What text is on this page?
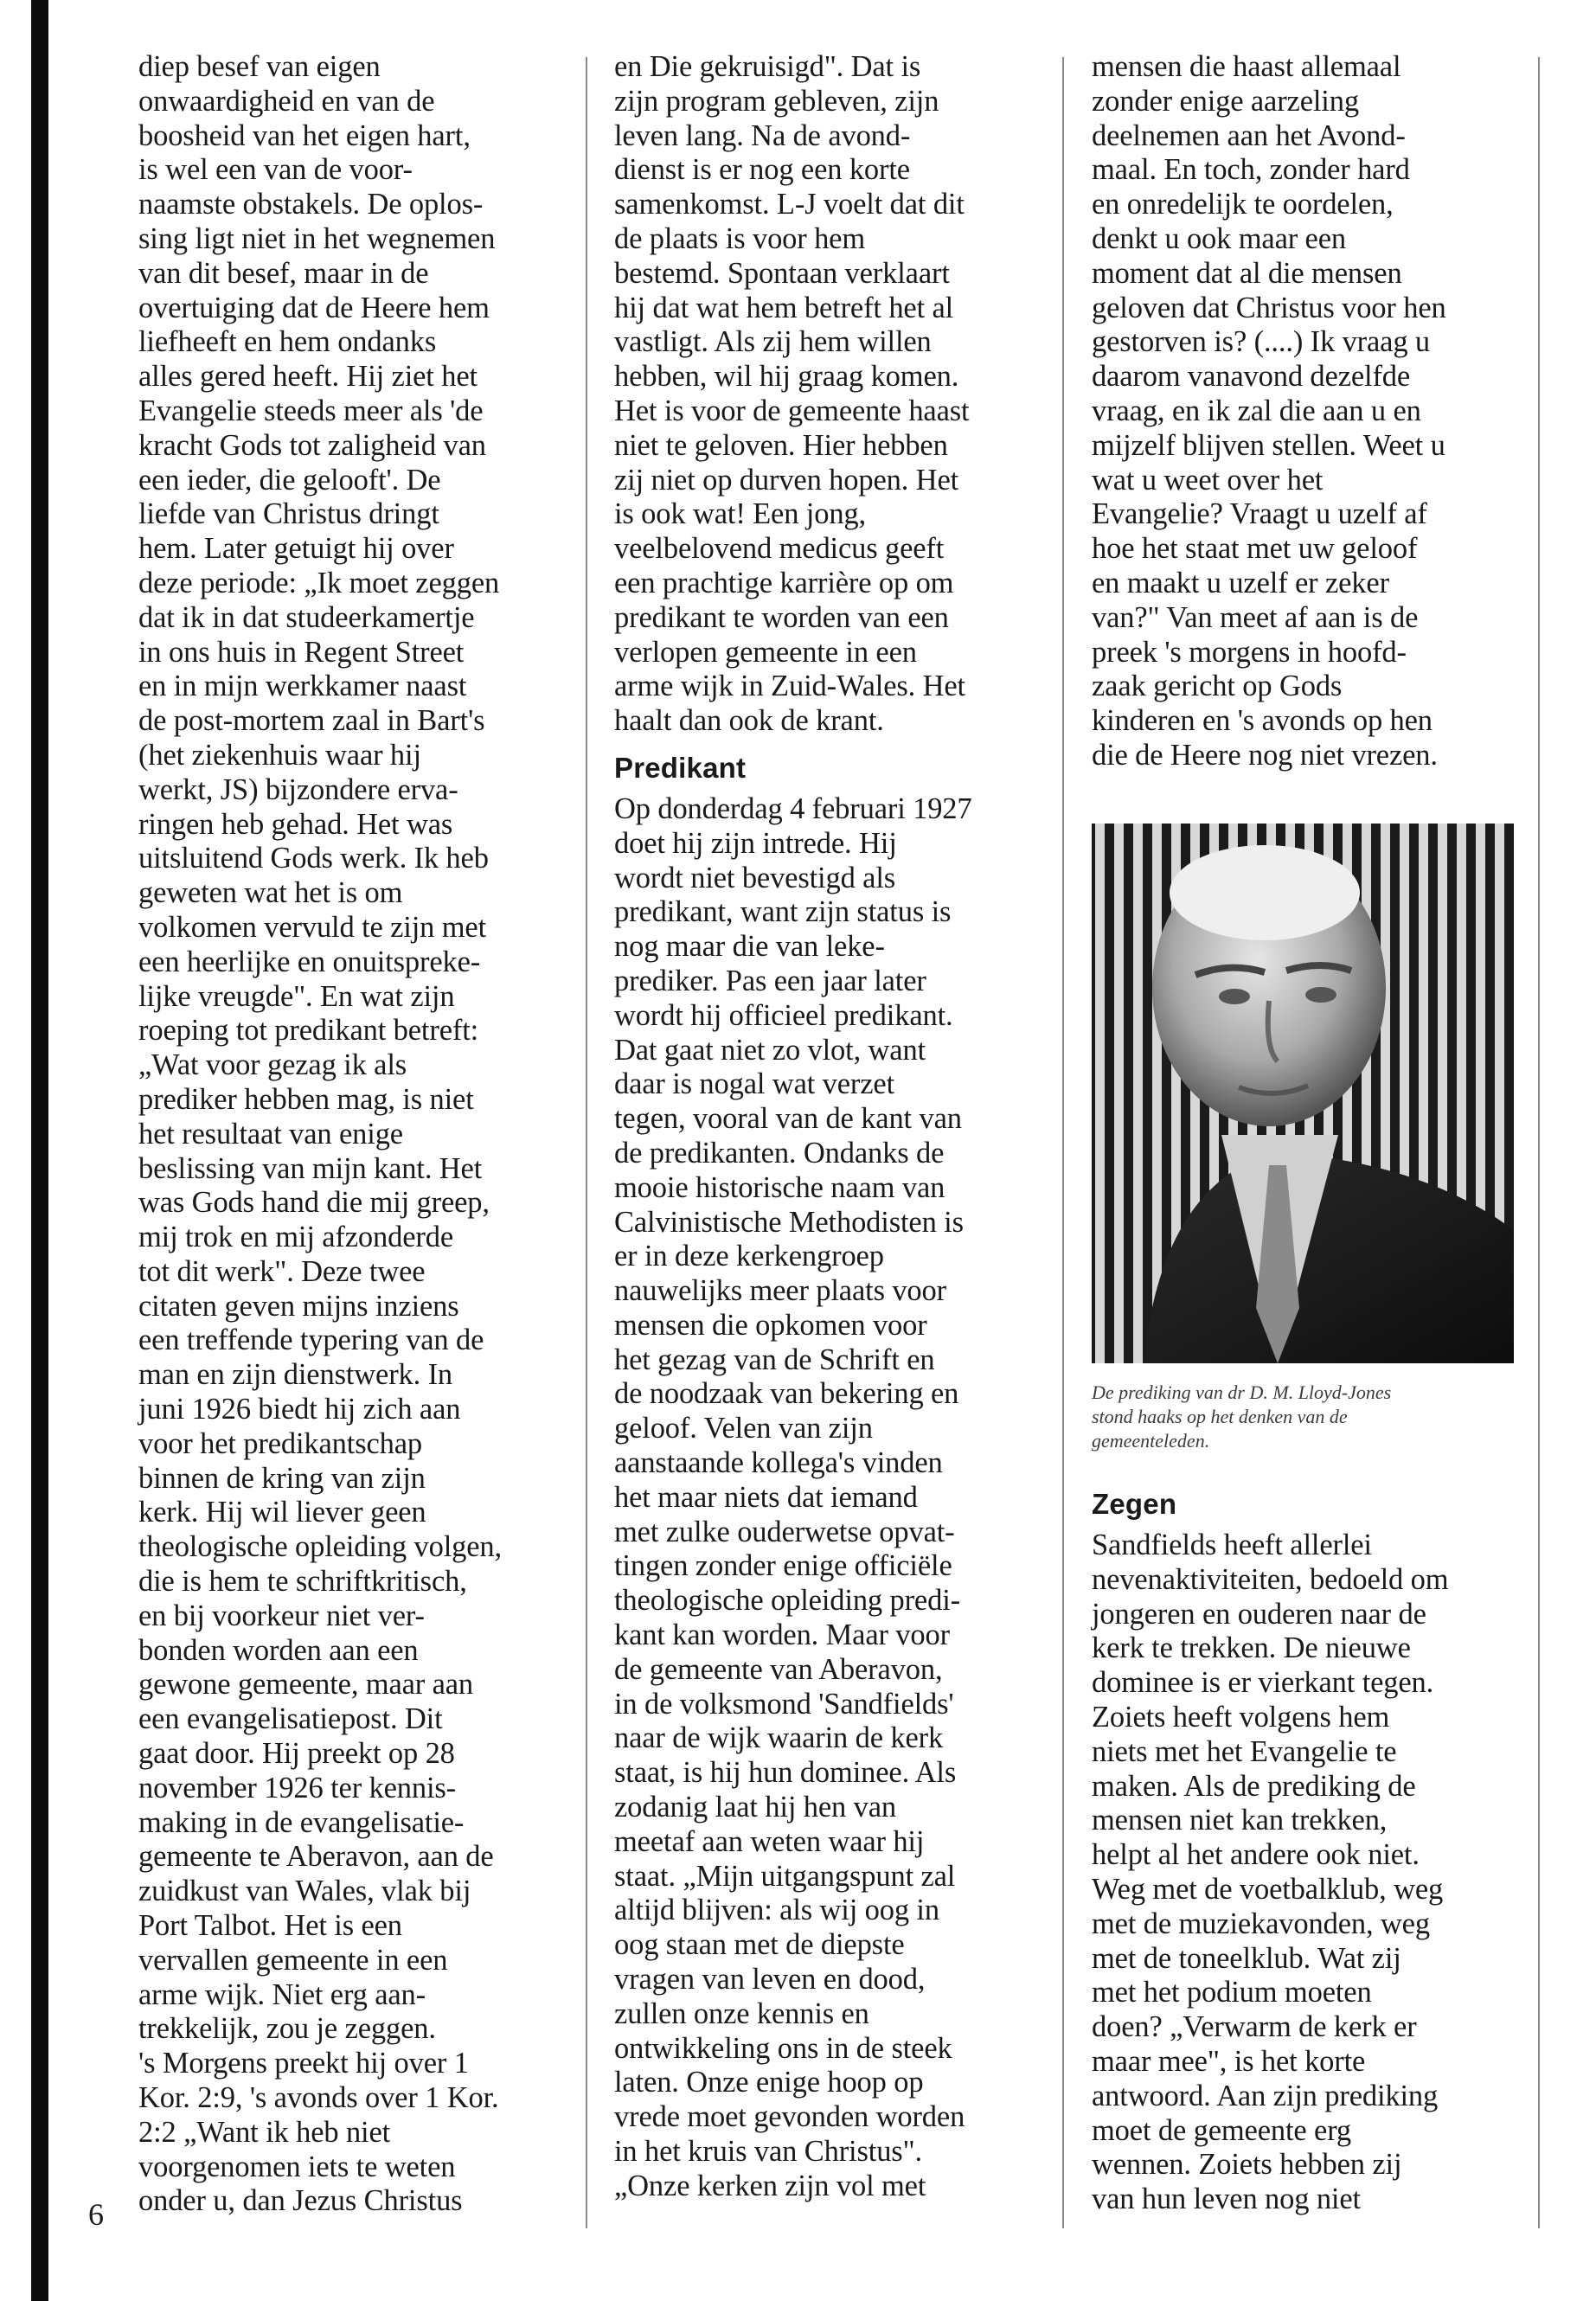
diep besef van eigen
onwaardigheid en van de
boosheid van het eigen hart,
is wel een van de voor-
naamste obstakels. De oplos-
sing ligt niet in het wegnemen
van dit besef, maar in de
overtuiging dat de Heere hem
liefheeft en hem ondanks
alles gered heeft. Hij ziet het
Evangelie steeds meer als 'de
kracht Gods tot zaligheid van
een ieder, die gelooft'. De
liefde van Christus dringt
hem. Later getuigt hij over
deze periode: „Ik moet zeggen
dat ik in dat studeerkamertje
in ons huis in Regent Street
en in mijn werkkamer naast
de post-mortem zaal in Bart's
(het ziekenhuis waar hij
werkt, JS) bijzondere erva-
ringen heb gehad. Het was
uitsluitend Gods werk. Ik heb
geweten wat het is om
volkomen vervuld te zijn met
een heerlijke en onuitspreke-
lijke vreugde". En wat zijn
roeping tot predikant betreft:
„Wat voor gezag ik als
prediker hebben mag, is niet
het resultaat van enige
beslissing van mijn kant. Het
was Gods hand die mij greep,
mij trok en mij afzonderde
tot dit werk". Deze twee
citaten geven mijns inziens
een treffende typering van de
man en zijn dienstwerk. In
juni 1926 biedt hij zich aan
voor het predikantschap
binnen de kring van zijn
kerk. Hij wil liever geen
theologische opleiding volgen,
die is hem te schriftkritisch,
en bij voorkeur niet ver-
bonden worden aan een
gewone gemeente, maar aan
een evangelisatiepost. Dit
gaat door. Hij preekt op 28
november 1926 ter kennis-
making in de evangelisatie-
gemeente te Aberavon, aan de
zuidkust van Wales, vlak bij
Port Talbot. Het is een
vervallen gemeente in een
arme wijk. Niet erg aan-
trekkelijk, zou je zeggen.
's Morgens preekt hij over 1
Kor. 2:9, 's avonds over 1 Kor.
2:2 „Want ik heb niet
voorgenomen iets te weten
onder u, dan Jezus Christus
en Die gekruisigd". Dat is
zijn program gebleven, zijn
leven lang. Na de avond-
dienst is er nog een korte
samenkomst. L-J voelt dat dit
de plaats is voor hem
bestemd. Spontaan verklaart
hij dat wat hem betreft het al
vastligt. Als zij hem willen
hebben, wil hij graag komen.
Het is voor de gemeente haast
niet te geloven. Hier hebben
zij niet op durven hopen. Het
is ook wat! Een jong,
veelbelovend medicus geeft
een prachtige karrière op om
predikant te worden van een
verlopen gemeente in een
arme wijk in Zuid-Wales. Het
haalt dan ook de krant.
Predikant
Op donderdag 4 februari 1927
doet hij zijn intrede. Hij
wordt niet bevestigd als
predikant, want zijn status is
nog maar die van leke-
prediker. Pas een jaar later
wordt hij officieel predikant.
Dat gaat niet zo vlot, want
daar is nogal wat verzet
tegen, vooral van de kant van
de predikanten. Ondanks de
mooie historische naam van
Calvinistische Methodisten is
er in deze kerkengroep
nauwelijks meer plaats voor
mensen die opkomen voor
het gezag van de Schrift en
de noodzaak van bekering en
geloof. Velen van zijn
aanstaande kollega's vinden
het maar niets dat iemand
met zulke ouderwetse opvat-
tingen zonder enige officiële
theologische opleiding predi-
kant kan worden. Maar voor
de gemeente van Aberavon,
in de volksmond 'Sandfields'
naar de wijk waarin de kerk
staat, is hij hun dominee. Als
zodanig laat hij hen van
meetaf aan weten waar hij
staat. „Mijn uitgangspunt zal
altijd blijven: als wij oog in
oog staan met de diepste
vragen van leven en dood,
zullen onze kennis en
ontwikkeling ons in de steek
laten. Onze enige hoop op
vrede moet gevonden worden
in het kruis van Christus".
„Onze kerken zijn vol met
mensen die haast allemaal
zonder enige aarzeling
deelnemen aan het Avond-
maal. En toch, zonder hard
en onredelijk te oordelen,
denkt u ook maar een
moment dat al die mensen
geloven dat Christus voor hen
gestorven is? (....) Ik vraag u
daarom vanavond dezelfde
vraag, en ik zal die aan u en
mijzelf blijven stellen. Weet u
wat u weet over het
Evangelie? Vraagt u uzelf af
hoe het staat met uw geloof
en maakt u uzelf er zeker
van?" Van meet af aan is de
preek 's morgens in hoofd-
zaak gericht op Gods
kinderen en 's avonds op hen
die de Heere nog niet vrezen.
De prediking van dr D. M. Lloyd-Jones
stond haaks op het denken van de
gemeenteleden.
Zegen
Sandfields heeft allerlei
nevenaktiviteiten, bedoeld om
jongeren en ouderen naar de
kerk te trekken. De nieuwe
dominee is er vierkant tegen.
Zoiets heeft volgens hem
niets met het Evangelie te
maken. Als de prediking de
mensen niet kan trekken,
helpt al het andere ook niet.
Weg met de voetbalklub, weg
met de muziekavonden, weg
met de toneelklub. Wat zij
met het podium moeten
doen? „Verwarm de kerk er
maar mee", is het korte
antwoord. Aan zijn prediking
moet de gemeente erg
wennen. Zoiets hebben zij
van hun leven nog niet
6
